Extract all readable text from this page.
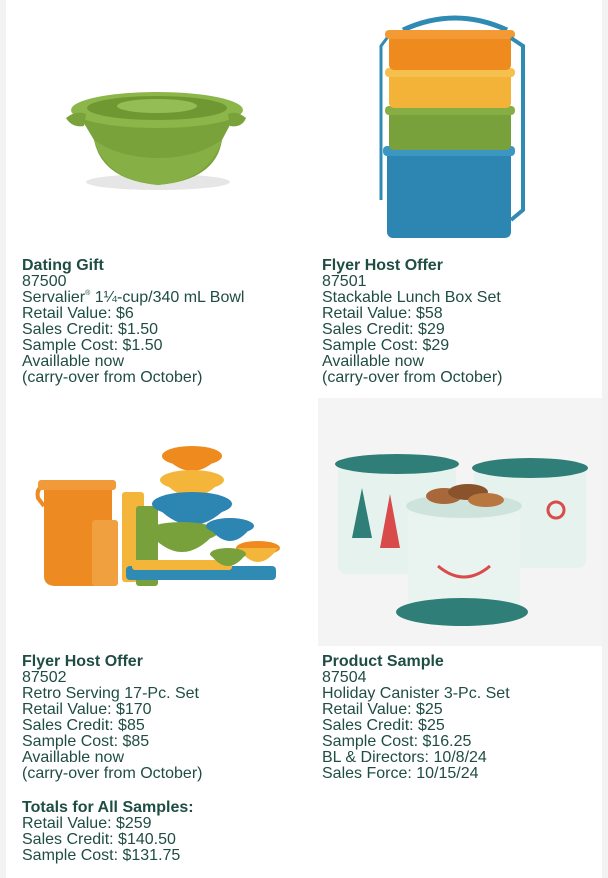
Dating Gift
87500
Servalier® 1¼-cup/340 mL Bowl
Retail Value: $6
Sales Credit: $1.50
Sample Cost: $1.50
Availlable now
(carry-over from October)
Flyer Host Offer
87501
Stackable Lunch Box Set
Retail Value: $58
Sales Credit: $29
Sample Cost: $29
Availlable now
(carry-over from October)
Flyer Host Offer
87502
Retro Serving 17-Pc. Set
Retail Value: $170
Sales Credit: $85
Sample Cost: $85
Availlable now
(carry-over from October)
Product Sample
87504
Holiday Canister 3-Pc. Set
Retail Value: $25
Sales Credit: $25
Sample Cost: $16.25
BL & Directors: 10/8/24
Sales Force: 10/15/24
Totals for All Samples:
Retail Value: $259
Sales Credit: $140.50
Sample Cost: $131.75
